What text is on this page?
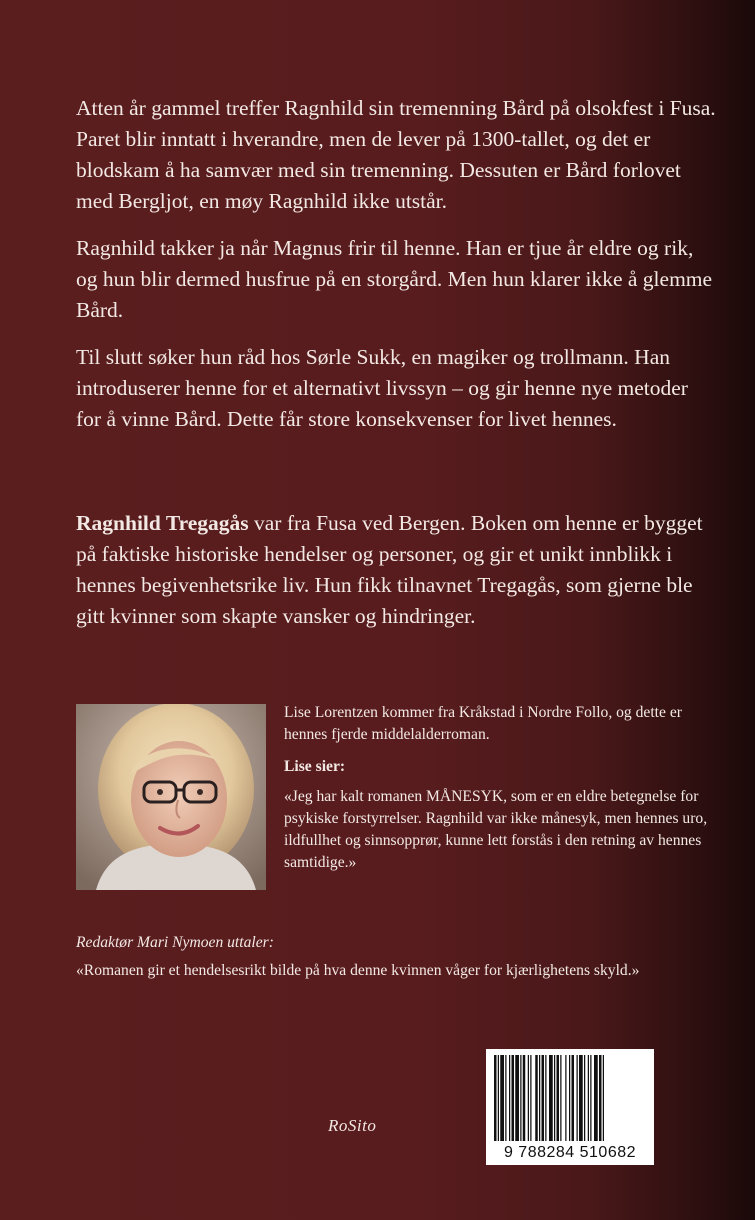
Atten år gammel treffer Ragnhild sin tremenning Bård på olsokfest i Fusa. Paret blir inntatt i hverandre, men de lever på 1300-tallet, og det er blodskam å ha samvær med sin tremenning. Dessuten er Bård forlovet med Bergljot, en møy Ragnhild ikke utstår.

Ragnhild takker ja når Magnus frir til henne. Han er tjue år eldre og rik, og hun blir dermed husfrue på en storgård. Men hun klarer ikke å glemme Bård.

Til slutt søker hun råd hos Sørle Sukk, en magiker og trollmann. Han introduserer henne for et alternativt livssyn – og gir henne nye metoder for å vinne Bård. Dette får store konsekvenser for livet hennes.

Ragnhild Tregagås var fra Fusa ved Bergen. Boken om henne er bygget på faktiske historiske hendelser og personer, og gir et unikt innblikk i hennes begivenhetsrike liv. Hun fikk tilnavnet Tregagås, som gjerne ble gitt kvinner som skapte vansker og hindringer.

Lise Lorentzen kommer fra Kråkstad i Nordre Follo, og dette er hennes fjerde middelalderroman.

Lise sier:

«Jeg har kalt romanen MÅNESYK, som er en eldre betegnelse for psykiske forstyrrelser. Ragnhild var ikke månesyk, men hennes uro, ildfullhet og sinnsopprør, kunne lett forstås i den retning av hennes samtidige.»

Redaktør Mari Nymoen uttaler:

«Romanen gir et hendelsesrikt bilde på hva denne kvinnen våger for kjærlighetens skyld.»

RoSito
9 788284 510682
